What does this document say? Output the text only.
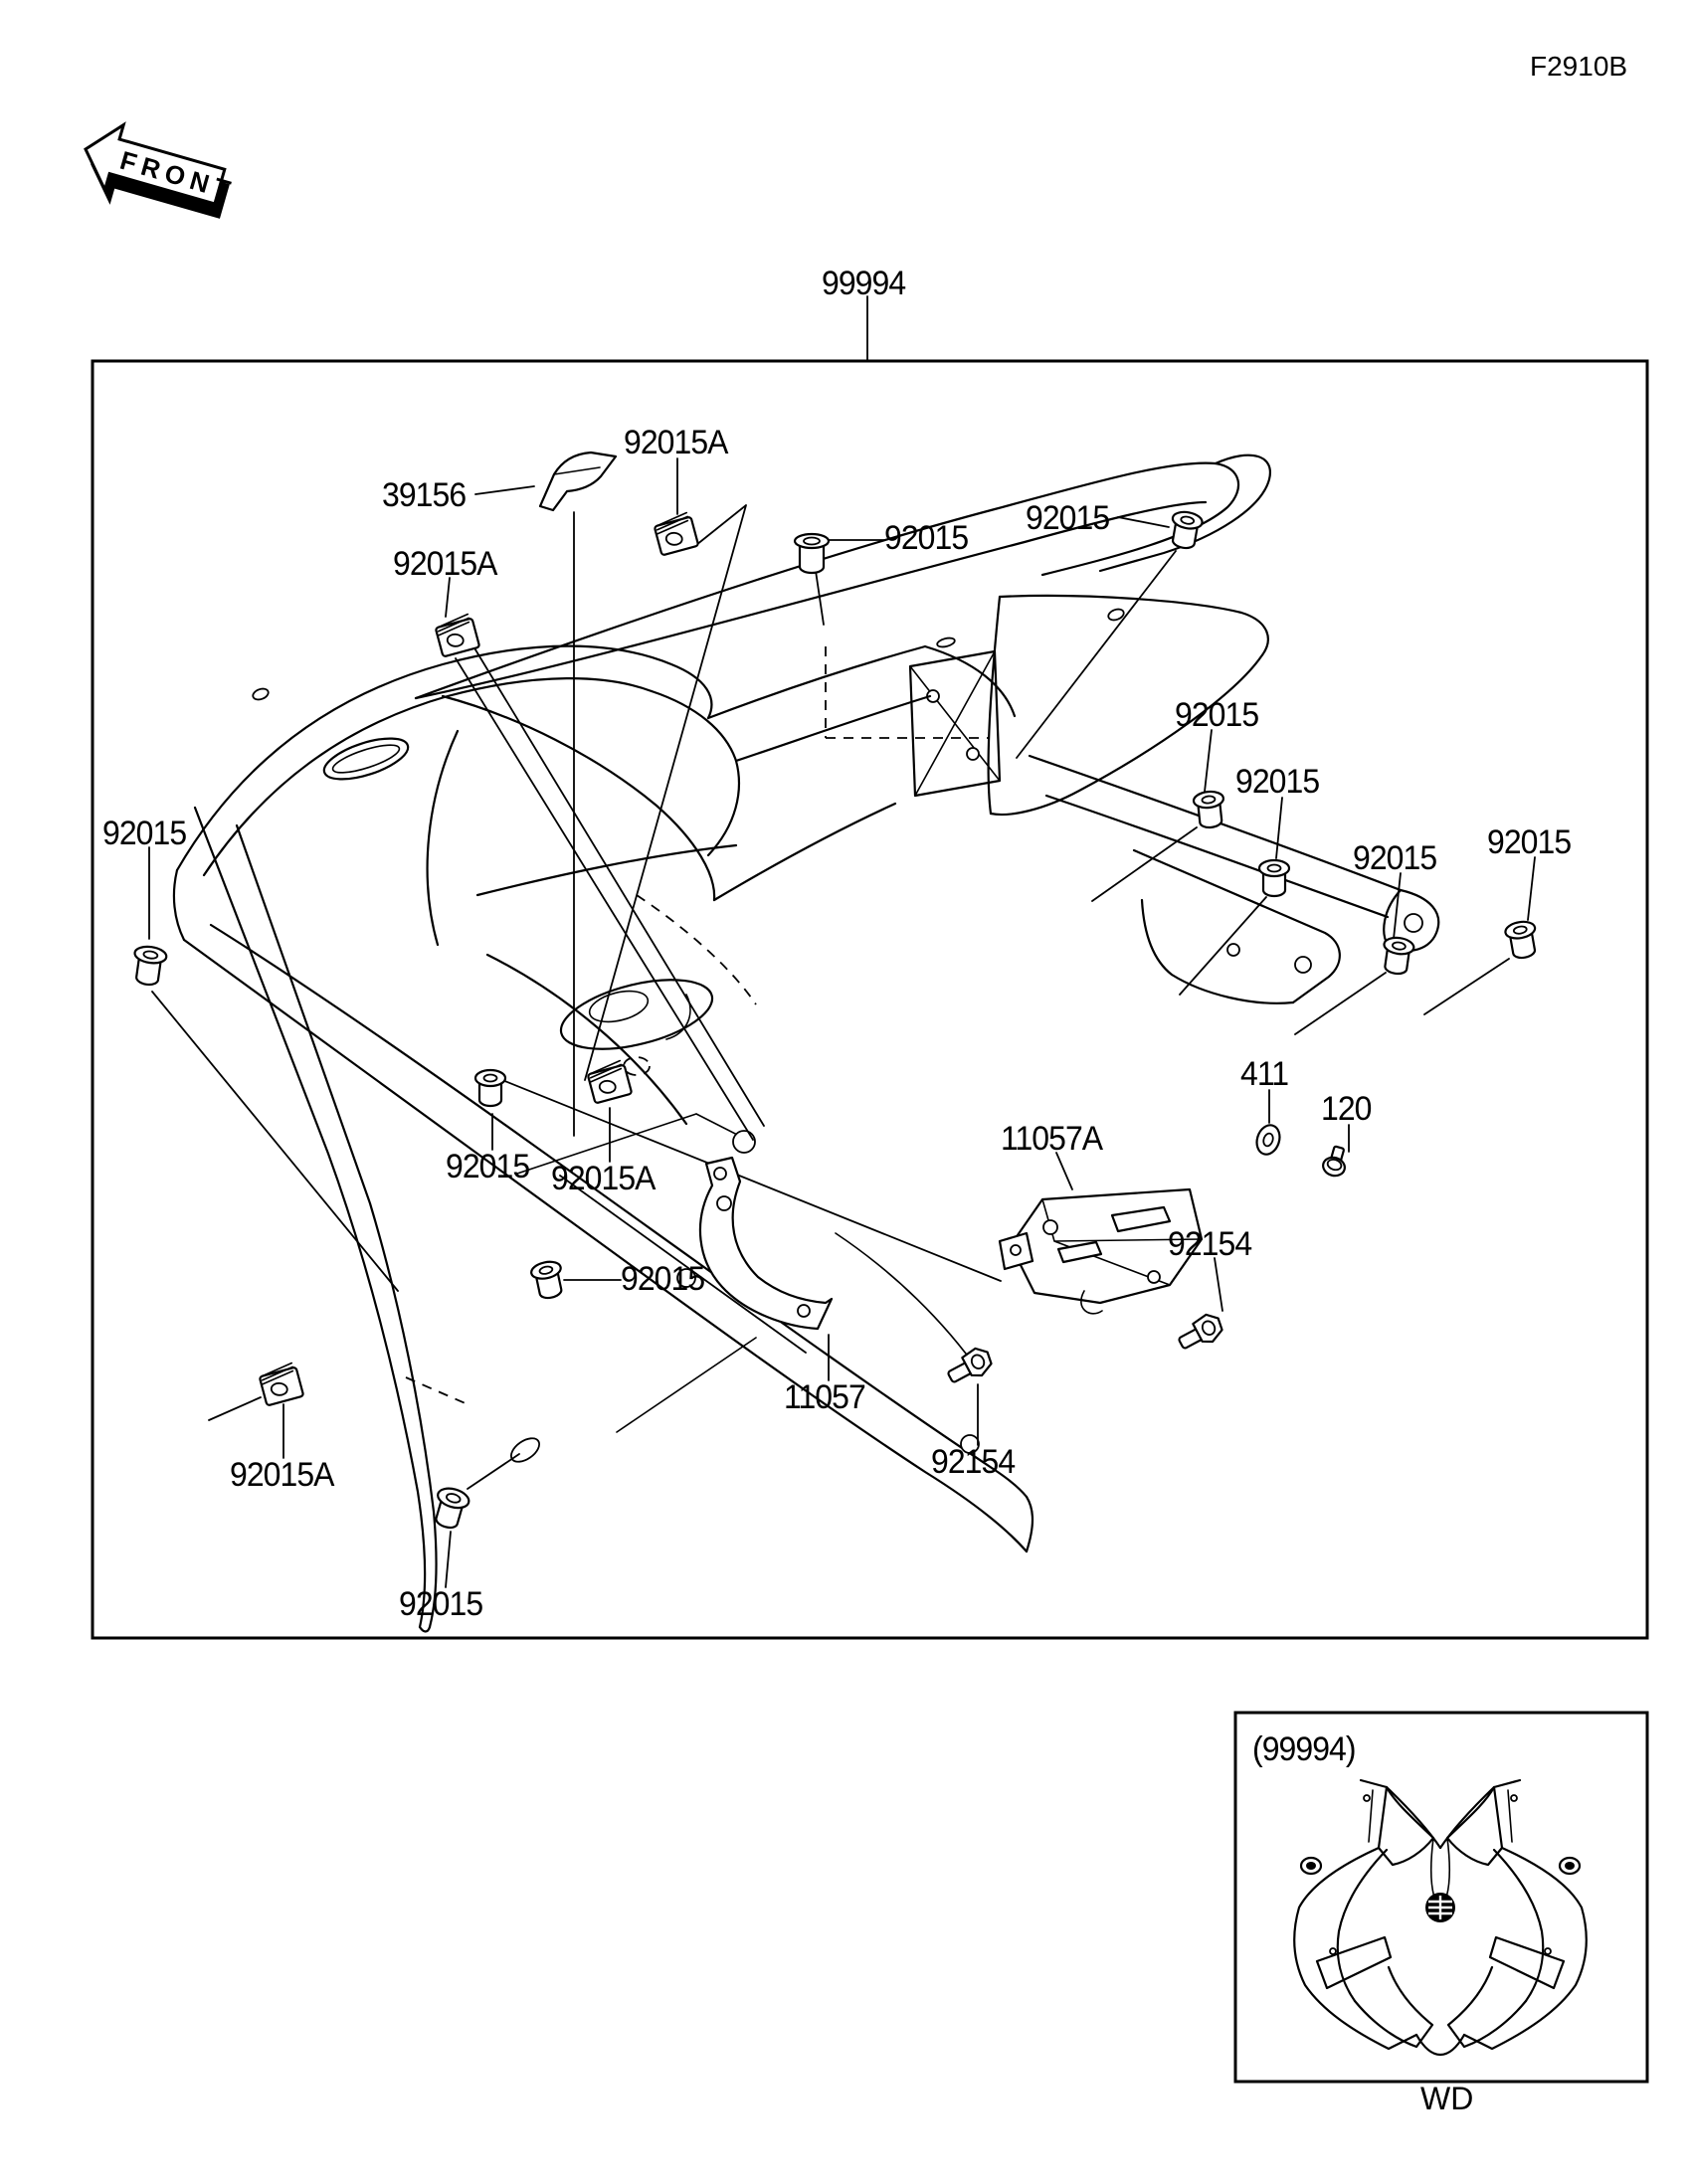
FRONT
F2910B
(99994)
WD
99994
92015A
39156
92015A
92015
92015
92015
92015
92015 92015
92015
411
120
11057A
92154
92015 92015A
92015
11057
92154
92015A
92015
